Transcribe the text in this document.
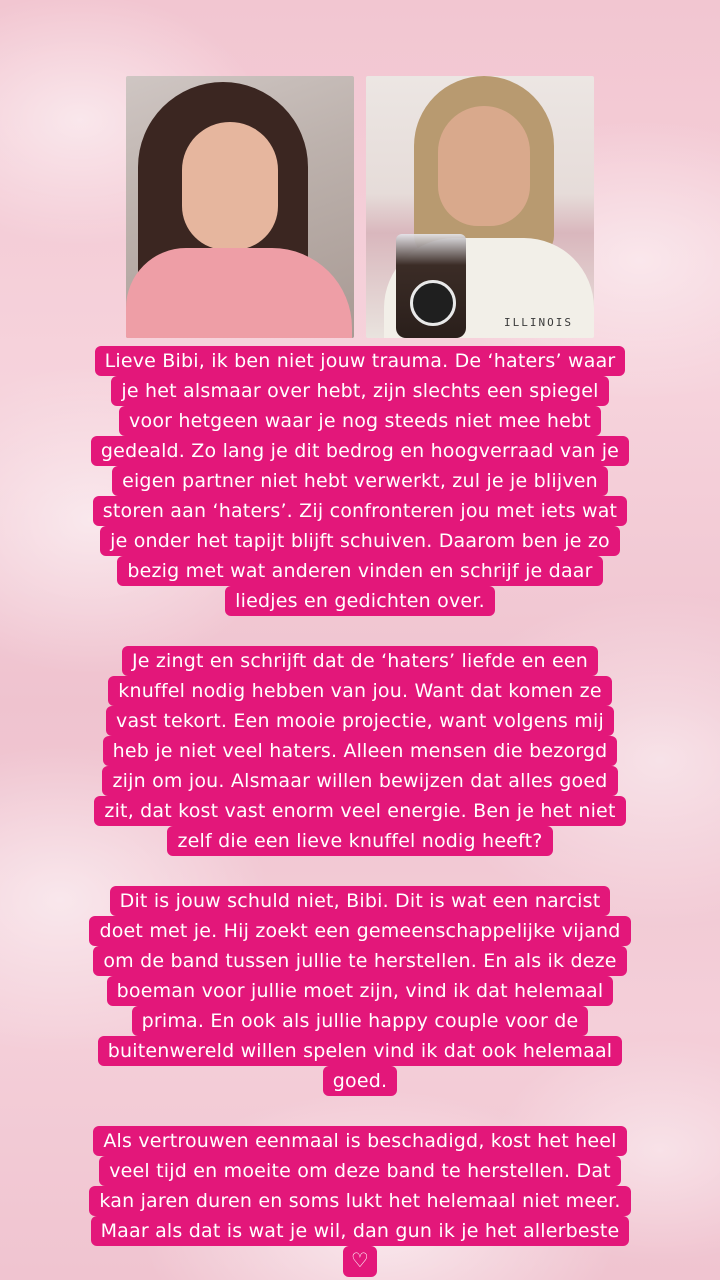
ILLINOIS
Lieve Bibi, ik ben niet jouw trauma. De ‘haters’ waar
je het alsmaar over hebt, zijn slechts een spiegel
voor hetgeen waar je nog steeds niet mee hebt
gedeald. Zo lang je dit bedrog en hoogverraad van je
eigen partner niet hebt verwerkt, zul je je blijven
storen aan ‘haters’. Zij confronteren jou met iets wat
je onder het tapijt blijft schuiven. Daarom ben je zo
bezig met wat anderen vinden en schrijf je daar
liedjes en gedichten over.
Je zingt en schrijft dat de ‘haters’ liefde en een
knuffel nodig hebben van jou. Want dat komen ze
vast tekort. Een mooie projectie, want volgens mij
heb je niet veel haters. Alleen mensen die bezorgd
zijn om jou. Alsmaar willen bewijzen dat alles goed
zit, dat kost vast enorm veel energie. Ben je het niet
zelf die een lieve knuffel nodig heeft?
Dit is jouw schuld niet, Bibi. Dit is wat een narcist
doet met je. Hij zoekt een gemeenschappelijke vijand
om de band tussen jullie te herstellen. En als ik deze
boeman voor jullie moet zijn, vind ik dat helemaal
prima. En ook als jullie happy couple voor de
buitenwereld willen spelen vind ik dat ook helemaal
goed.
Als vertrouwen eenmaal is beschadigd, kost het heel
veel tijd en moeite om deze band te herstellen. Dat
kan jaren duren en soms lukt het helemaal niet meer.
Maar als dat is wat je wil, dan gun ik je het allerbeste
♡
